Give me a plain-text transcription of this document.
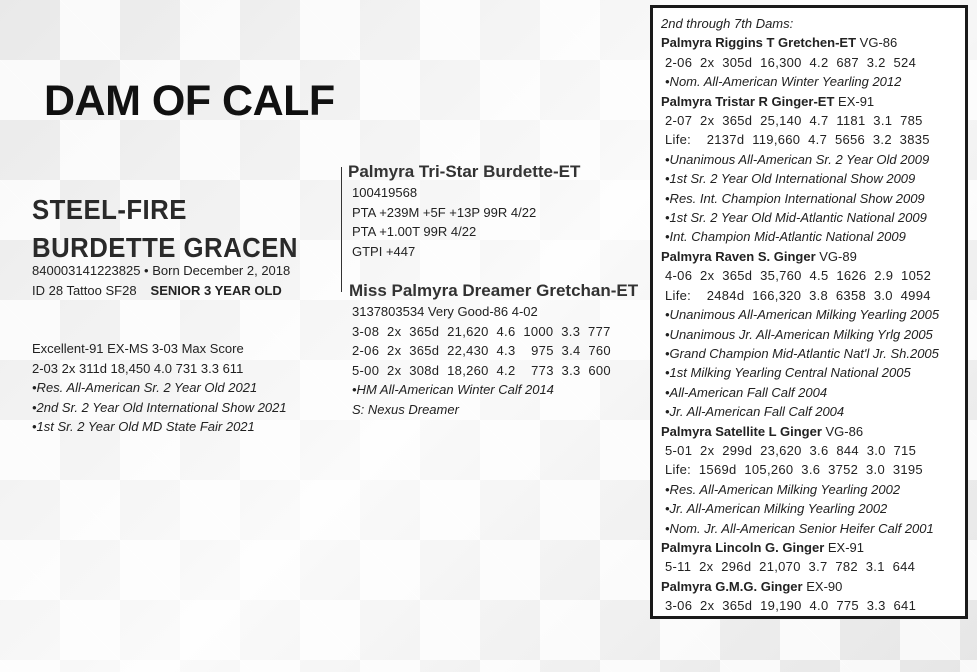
DAM OF CALF
STEEL-FIRE
BURDETTE GRACEN
840003141223825 • Born December 2, 2018
ID 28 Tattoo SF28 SENIOR 3 YEAR OLD
Excellent-91 EX-MS 3-03 Max Score
2-03 2x 311d 18,450 4.0 731 3.3 611
•Res. All-American Sr. 2 Year Old 2021
•2nd Sr. 2 Year Old International Show 2021
•1st Sr. 2 Year Old MD State Fair 2021
Palmyra Tri-Star Burdette-ET
100419568
PTA +239M +5F +13P 99R 4/22
PTA +1.00T 99R 4/22
GTPI +447
Miss Palmyra Dreamer Gretchan-ET
3137803534 Very Good-86 4-02
3-08  2x  365d  21,620  4.6  1000  3.3  777
2-06  2x  365d  22,430  4.3    975  3.4  760
5-00  2x  308d  18,260  4.2    773  3.3  600
•HM All-American Winter Calf 2014
S: Nexus Dreamer
2nd through 7th Dams:
Palmyra Riggins T Gretchen-ET VG-86
2-06  2x  305d  16,300  4.2  687  3.2  524
•Nom. All-American Winter Yearling 2012
Palmyra Tristar R Ginger-ET EX-91
2-07  2x  365d  25,140  4.7  1181  3.1  785
Life:    2137d  119,660  4.7  5656  3.2  3835
•Unanimous All-American Sr. 2 Year Old 2009
•1st Sr. 2 Year Old International Show 2009
•Res. Int. Champion International Show 2009
•1st Sr. 2 Year Old Mid-Atlantic National 2009
•Int. Champion Mid-Atlantic National 2009
Palmyra Raven S. Ginger VG-89
4-06  2x  365d  35,760  4.5  1626  2.9  1052
Life:    2484d  166,320  3.8  6358  3.0  4994
•Unanimous All-American Milking Yearling 2005
•Unanimous Jr. All-American Milking Yrlg 2005
•Grand Champion Mid-Atlantic Nat'l Jr. Sh.2005
•1st Milking Yearling Central National 2005
•All-American Fall Calf 2004
•Jr. All-American Fall Calf 2004
Palmyra Satellite L Ginger VG-86
5-01  2x  299d  23,620  3.6  844  3.0  715
Life:  1569d  105,260  3.6  3752  3.0  3195
•Res. All-American Milking Yearling 2002
•Jr. All-American Milking Yearling 2002
•Nom. Jr. All-American Senior Heifer Calf 2001
Palmyra Lincoln G. Ginger EX-91
5-11  2x  296d  21,070  3.7  782  3.1  644
Palmyra G.M.G. Ginger EX-90
3-06  2x  365d  19,190  4.0  775  3.3  641
